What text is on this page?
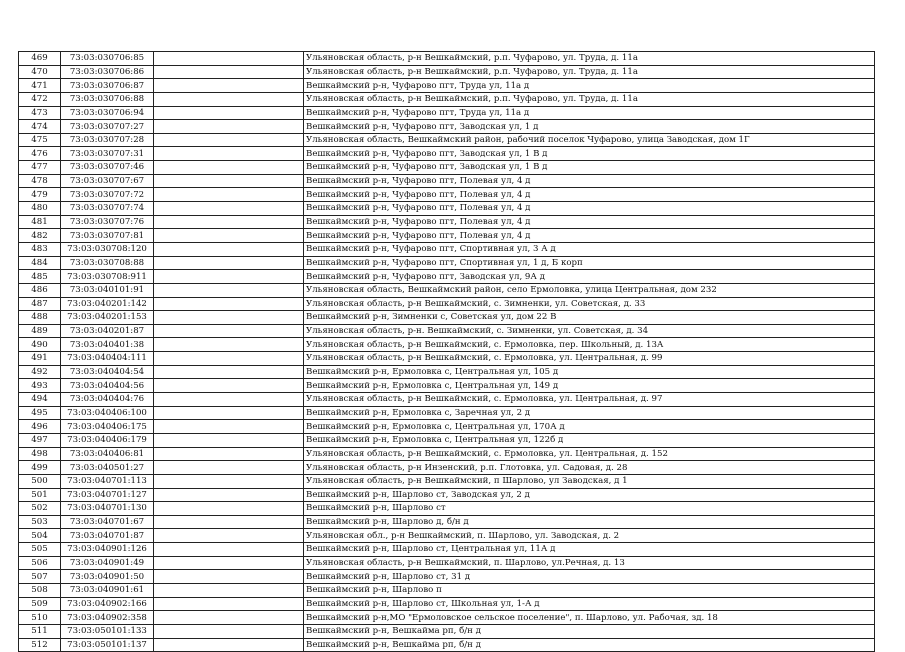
469	73:03:030706:85		Ульяновская область, р-н Вешкаймский, р.п. Чуфарово, ул. Труда, д. 11а
470	73:03:030706:86		Ульяновская область, р-н Вешкаймский, р.п. Чуфарово, ул. Труда, д. 11а
471	73:03:030706:87		Вешкаймский р-н, Чуфарово пгт, Труда ул, 11а д
472	73:03:030706:88		Ульяновская область, р-н Вешкаймский, р.п. Чуфарово, ул. Труда, д. 11а
473	73:03:030706:94		Вешкаймский р-н, Чуфарово пгт, Труда ул, 11а д
474	73:03:030707:27		Вешкаймский р-н, Чуфарово пгт, Заводская ул, 1 д
475	73:03:030707:28		Ульяновская область, Вешкаймский район, рабочий поселок Чуфарово, улица Заводская, дом 1Г
476	73:03:030707:31		Вешкаймский р-н, Чуфарово пгт, Заводская ул, 1 В д
477	73:03:030707:46		Вешкаймский р-н, Чуфарово пгт, Заводская ул, 1 В д
478	73:03:030707:67		Вешкаймский р-н, Чуфарово пгт, Полевая ул, 4 д
479	73:03:030707:72		Вешкаймский р-н, Чуфарово пгт, Полевая ул, 4 д
480	73:03:030707:74		Вешкаймский р-н, Чуфарово пгт, Полевая ул, 4 д
481	73:03:030707:76		Вешкаймский р-н, Чуфарово пгт, Полевая ул, 4 д
482	73:03:030707:81		Вешкаймский р-н, Чуфарово пгт, Полевая ул, 4 д
483	73:03:030708:120		Вешкаймский р-н, Чуфарово пгт, Спортивная ул, 3 А д
484	73:03:030708:88		Вешкаймский р-н, Чуфарово пгт, Спортивная ул, 1 д, Б корп
485	73:03:030708:911		Вешкаймский р-н, Чуфарово пгт, Заводская ул, 9А д
486	73:03:040101:91		Ульяновская область, Вешкаймский район, село Ермоловка, улица Центральная, дом 232
487	73:03:040201:142		Ульяновская область, р-н Вешкаймский, с. Зимненки, ул. Советская, д. 33
488	73:03:040201:153		Вешкаймский р-н, Зимненки с, Советская ул, дом 22 В
489	73:03:040201:87		Ульяновская область, р-н. Вешкаймский, с. Зимненки, ул. Советская, д. 34
490	73:03:040401:38		Ульяновская область, р-н Вешкаймский, с. Ермоловка, пер. Школьный, д. 13А
491	73:03:040404:111		Ульяновская область, р-н Вешкаймский, с. Ермоловка, ул. Центральная, д. 99
492	73:03:040404:54		Вешкаймский р-н, Ермоловка с, Центральная ул, 105 д
493	73:03:040404:56		Вешкаймский р-н, Ермоловка с, Центральная ул, 149 д
494	73:03:040404:76		Ульяновская область, р-н Вешкаймский, с. Ермоловка, ул. Центральная, д. 97
495	73:03:040406:100		Вешкаймский р-н, Ермоловка с, Заречная ул, 2 д
496	73:03:040406:175		Вешкаймский р-н, Ермоловка с, Центральная ул, 170А д
497	73:03:040406:179		Вешкаймский р-н, Ермоловка с, Центральная ул, 122б д
498	73:03:040406:81		Ульяновская область, р-н Вешкаймский, с. Ермоловка, ул. Центральная, д. 152
499	73:03:040501:27		Ульяновская область, р-н Инзенский, р.п. Глотовка, ул. Садовая, д. 28
500	73:03:040701:113		Ульяновская область, р-н Вешкаймский, п Шарлово, ул Заводская, д 1
501	73:03:040701:127		Вешкаймский р-н, Шарлово ст, Заводская ул, 2 д
502	73:03:040701:130		Вешкаймский р-н, Шарлово ст
503	73:03:040701:67		Вешкаймский р-н, Шарлово д, б/н д
504	73:03:040701:87		Ульяновская обл., р-н Вешкаймский, п. Шарлово, ул. Заводская, д. 2
505	73:03:040901:126		Вешкаймский р-н, Шарлово ст, Центральная ул, 11А д
506	73:03:040901:49		Ульяновская область, р-н Вешкаймский, п. Шарлово, ул.Речная, д. 13
507	73:03:040901:50		Вешкаймский р-н, Шарлово ст, 31 д
508	73:03:040901:61		Вешкаймский р-н, Шарлово п
509	73:03:040902:166		Вешкаймский р-н, Шарлово ст, Школьная ул, 1-А д
510	73:03:040902:358		Вешкаймский р-н,МО "Ермоловское сельское поселение", п. Шарлово, ул. Рабочая, зд. 18
511	73:03:050101:133		Вешкаймский р-н, Вешкайма рп, б/н д
512	73:03:050101:137		Вешкаймский р-н, Вешкайма рп, б/н д
